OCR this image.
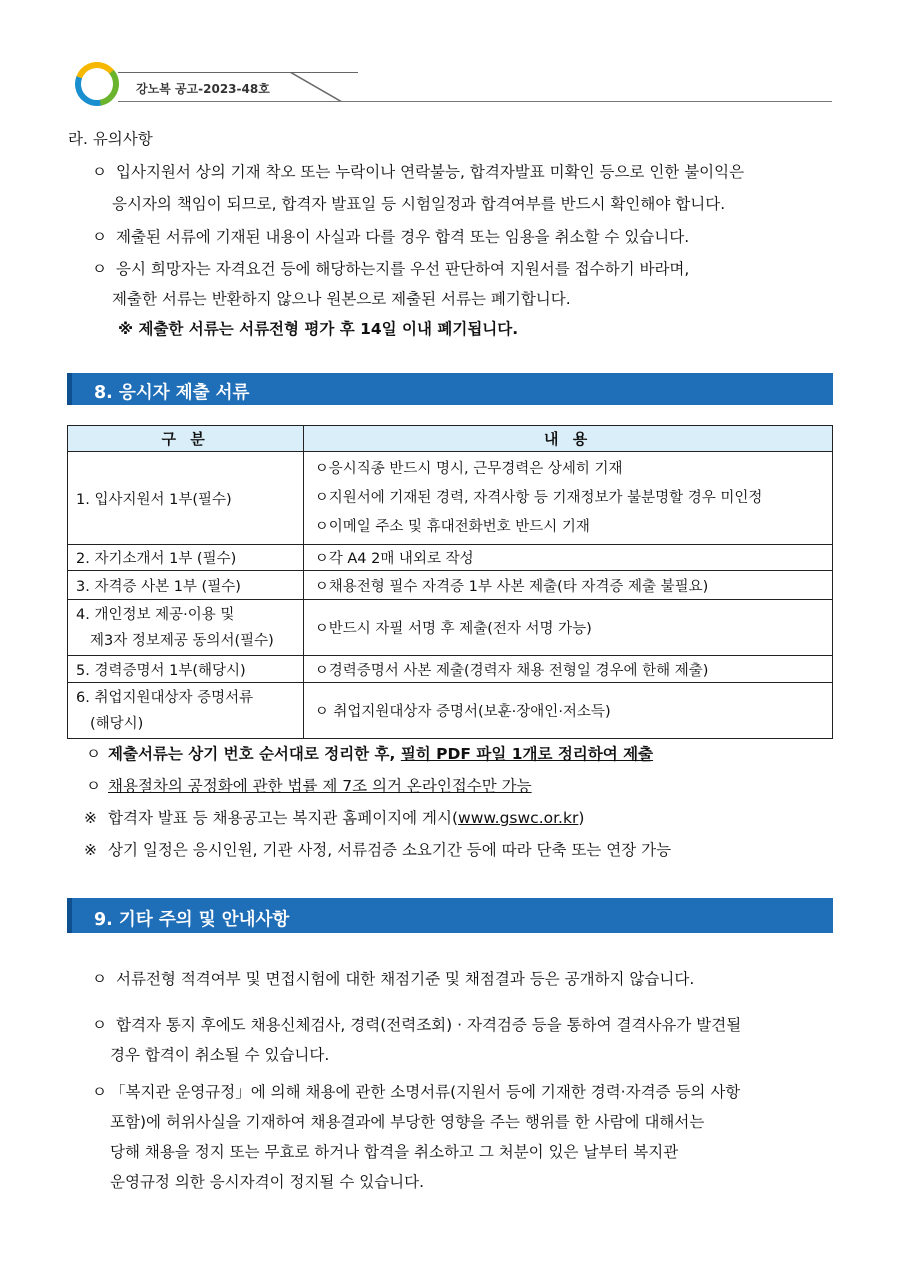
강노복 공고-2023-48호
라. 유의사항
ㅇ 입사지원서 상의 기재 착오 또는 누락이나 연락불능, 합격자발표 미확인 등으로 인한 불이익은
응시자의 책임이 되므로, 합격자 발표일 등 시험일정과 합격여부를 반드시 확인해야 합니다.
ㅇ 제출된 서류에 기재된 내용이 사실과 다를 경우 합격 또는 임용을 취소할 수 있습니다.
ㅇ 응시 희망자는 자격요건 등에 해당하는지를 우선 판단하여 지원서를 접수하기 바라며,
제출한 서류는 반환하지 않으나 원본으로 제출된 서류는 폐기합니다.
※ 제출한 서류는 서류전형 평가 후 14일 이내 폐기됩니다.
8. 응시자 제출 서류
구 분	내 용
1. 입사지원서 1부(필수)	ㅇ응시직종 반드시 명시, 근무경력은 상세히 기재
ㅇ지원서에 기재된 경력, 자격사항 등 기재정보가 불분명할 경우 미인정
ㅇ이메일 주소 및 휴대전화번호 반드시 기재

2. 자기소개서 1부 (필수)	ㅇ각 A4 2매 내외로 작성
3. 자격증 사본 1부 (필수)	ㅇ채용전형 필수 자격증 1부 사본 제출(타 자격증 제출 불필요)

4. 개인정보 제공·이용 및
제3자 정보제공 동의서(필수)	ㅇ반드시 자필 서명 후 제출(전자 서명 가능)
5. 경력증명서 1부(해당시)	ㅇ경력증명서 사본 제출(경력자 채용 전형일 경우에 한해 제출)

6. 취업지원대상자 증명서류
(해당시)	ㅇ 취업지원대상자 증명서(보훈·장애인·저소득)
ㅇ 제출서류는 상기 번호 순서대로 정리한 후, 필히 PDF 파일 1개로 정리하여 제출
ㅇ 채용절차의 공정화에 관한 법률 제 7조 의거 온라인접수만 가능
※ 합격자 발표 등 채용공고는 복지관 홈페이지에 게시(www.gswc.or.kr)
※ 상기 일정은 응시인원, 기관 사정, 서류검증 소요기간 등에 따라 단축 또는 연장 가능
9. 기타 주의 및 안내사항
ㅇ 서류전형 적격여부 및 면접시험에 대한 채점기준 및 채점결과 등은 공개하지 않습니다.
ㅇ 합격자 통지 후에도 채용신체검사, 경력(전력조회) · 자격검증 등을 통하여 결격사유가 발견될
경우 합격이 취소될 수 있습니다.
ㅇ 「복지관 운영규정」에 의해 채용에 관한 소명서류(지원서 등에 기재한 경력·자격증 등의 사항
포함)에 허위사실을 기재하여 채용결과에 부당한 영향을 주는 행위를 한 사람에 대해서는
당해 채용을 정지 또는 무효로 하거나 합격을 취소하고 그 처분이 있은 날부터 복지관
운영규정 의한 응시자격이 정지될 수 있습니다.
